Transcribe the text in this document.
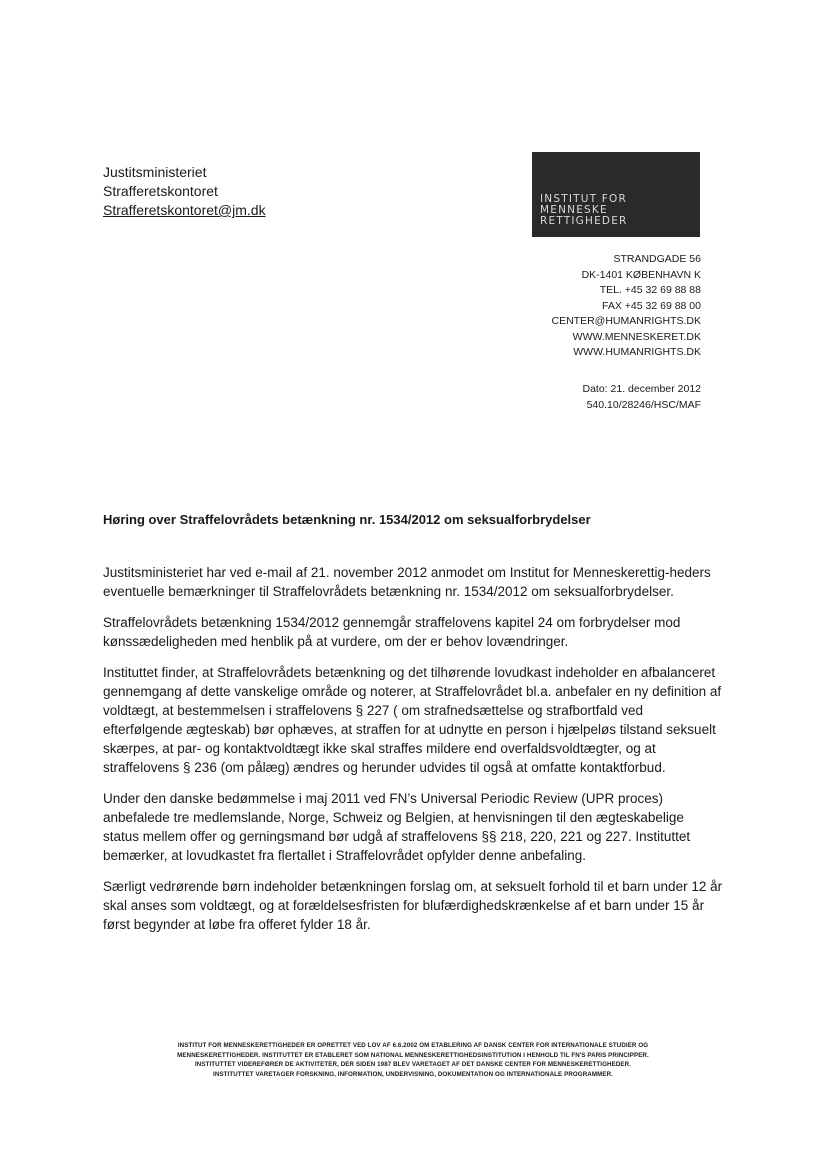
Justitsministeriet
Strafferetskontoret
Strafferetskontoret@jm.dk
INSTITUT FOR
MENNESKE
RETTIGHEDER
STRANDGADE 56
DK-1401 KØBENHAVN K
TEL. +45 32 69 88 88
FAX +45 32 69 88 00
CENTER@HUMANRIGHTS.DK
WWW.MENNESKERET.DK
WWW.HUMANRIGHTS.DK
Dato: 21. december 2012
540.10/28246/HSC/MAF
Høring over Straffelovrådets betænkning nr. 1534/2012 om seksualforbrydelser

Justitsministeriet har ved e-mail af 21. november 2012 anmodet om Institut for Menneskerettig-heders eventuelle bemærkninger til Straffelovrådets betænkning nr. 1534/2012 om seksualforbrydelser.

Straffelovrådets betænkning 1534/2012 gennemgår straffelovens kapitel 24 om forbrydelser mod kønssædeligheden med henblik på at vurdere, om der er behov lovændringer.

Instituttet finder, at Straffelovrådets betænkning og det tilhørende lovudkast indeholder en afbalanceret gennemgang af dette vanskelige område og noterer, at Straffelovrådet bl.a. anbefaler en ny definition af voldtægt, at bestemmelsen i straffelovens § 227 ( om strafnedsættelse og strafbortfald ved efterfølgende ægteskab) bør ophæves, at straffen for at udnytte en person i hjælpeløs tilstand seksuelt skærpes, at par- og kontaktvoldtægt ikke skal straffes mildere end overfaldsvoldtægter, og at straffelovens § 236 (om pålæg) ændres og herunder udvides til også at omfatte kontaktforbud.

Under den danske bedømmelse i maj 2011 ved FN’s Universal Periodic Review (UPR proces) anbefalede tre medlemslande, Norge, Schweiz og Belgien, at henvisningen til den ægteskabelige status mellem offer og gerningsmand bør udgå af straffelovens §§ 218, 220, 221 og 227. Instituttet bemærker, at lovudkastet fra flertallet i Straffelovrådet opfylder denne anbefaling.

Særligt vedrørende børn indeholder betænkningen forslag om, at seksuelt forhold til et barn under 12 år skal anses som voldtægt, og at forældelsesfristen for blufærdighedskrænkelse af et barn under 15 år først begynder at løbe fra offeret fylder 18 år.

INSTITUT FOR MENNESKERETTIGHEDER ER OPRETTET VED LOV AF 6.6.2002 OM ETABLERING AF DANSK CENTER FOR INTERNATIONALE STUDIER OG
MENNESKERETTIGHEDER. INSTITUTTET ER ETABLERET SOM NATIONAL MENNESKERETTIGHEDSINSTITUTION I HENHOLD TIL FN'S PARIS PRINCIPPER.
INSTITUTTET VIDEREFØRER DE AKTIVITETER, DER SIDEN 1987 BLEV VARETAGET AF DET DANSKE CENTER FOR MENNESKERETTIGHEDER.
INSTITUTTET VARETAGER FORSKNING, INFORMATION, UNDERVISNING, DOKUMENTATION OG INTERNATIONALE PROGRAMMER.
